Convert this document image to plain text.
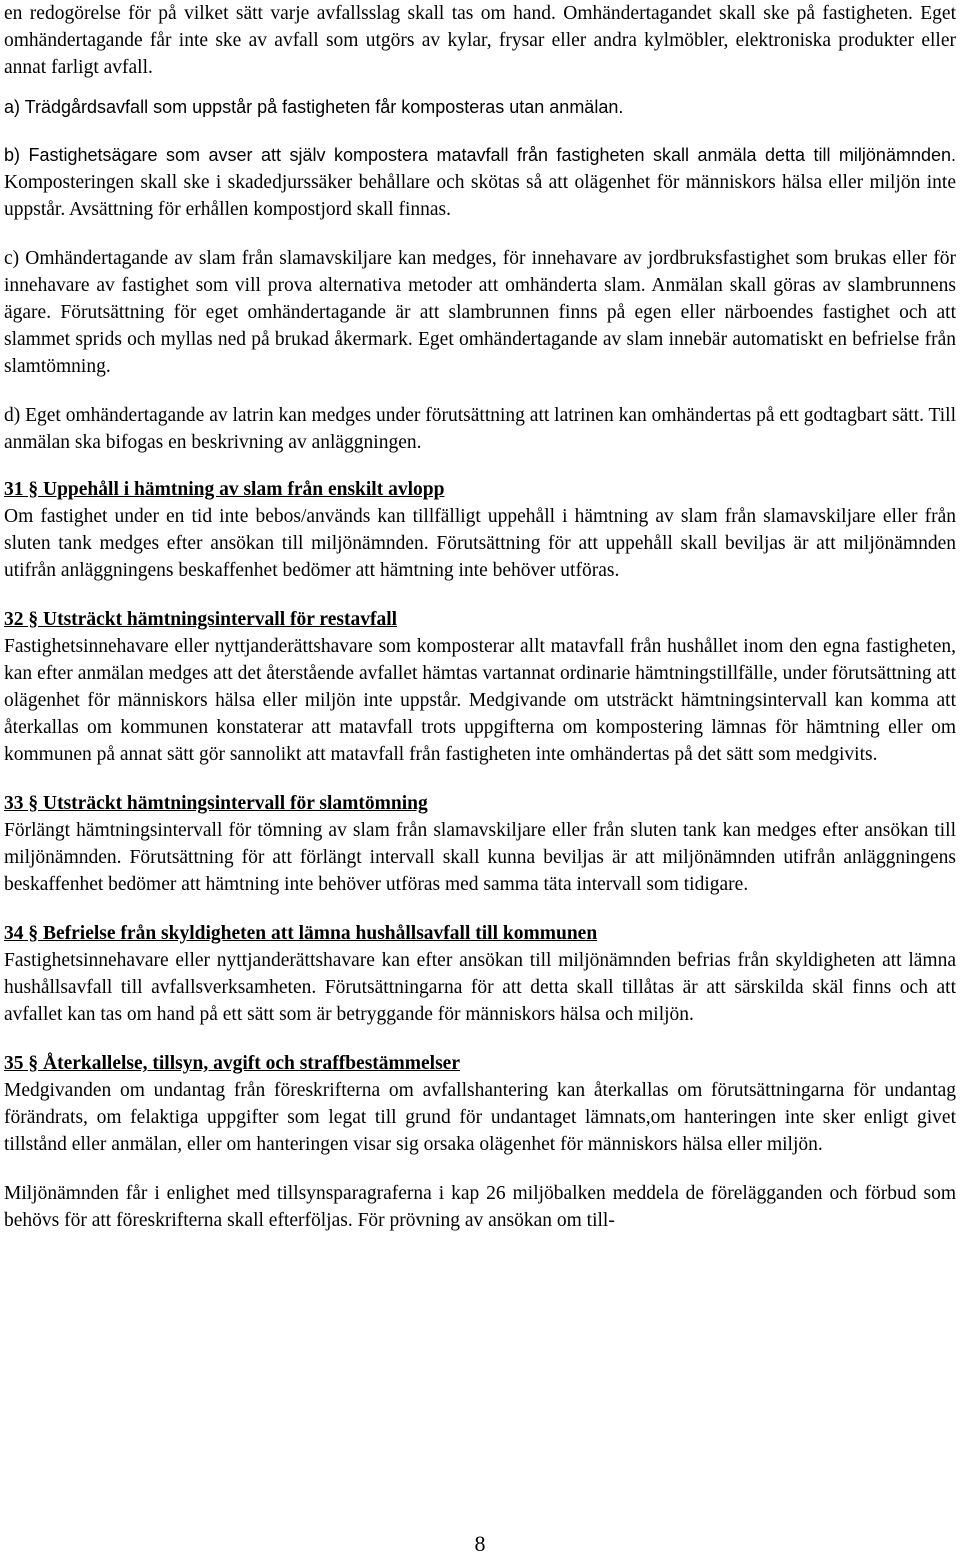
en redogörelse för på vilket sätt varje avfallsslag skall tas om hand. Omhändertagandet skall ske på fastigheten. Eget omhändertagande får inte ske av avfall som utgörs av kylar, frysar eller andra kylmöbler, elektroniska produkter eller annat farligt avfall.

a) Trädgårdsavfall som uppstår på fastigheten får komposteras utan anmälan.

b) Fastighetsägare som avser att själv kompostera matavfall från fastigheten skall anmäla detta till miljönämnden. Komposteringen skall ske i skadedjurssäker behållare och skötas så att olägenhet för människors hälsa eller miljön inte uppstår. Avsättning för erhållen kompostjord skall finnas.

c) Omhändertagande av slam från slamavskiljare kan medges, för innehavare av jordbruksfastighet som brukas eller för innehavare av fastighet som vill prova alternativa metoder att omhänderta slam. Anmälan skall göras av slambrunnens ägare. Förutsättning för eget omhändertagande är att slambrunnen finns på egen eller närboendes fastighet och att slammet sprids och myllas ned på brukad åkermark. Eget omhändertagande av slam innebär automatiskt en befrielse från slamtömning.

d) Eget omhändertagande av latrin kan medges under förutsättning att latrinen kan omhändertas på ett godtagbart sätt. Till anmälan ska bifogas en beskrivning av anläggningen.

31 § Uppehåll i hämtning av slam från enskilt avlopp

Om fastighet under en tid inte bebos/används kan tillfälligt uppehåll i hämtning av slam från slamavskiljare eller från sluten tank medges efter ansökan till miljönämnden. Förutsättning för att uppehåll skall beviljas är att miljönämnden utifrån anläggningens beskaffenhet bedömer att hämtning inte behöver utföras.

32 § Utsträckt hämtningsintervall för restavfall

Fastighetsinnehavare eller nyttjanderättshavare som komposterar allt matavfall från hushållet inom den egna fastigheten, kan efter anmälan medges att det återstående avfallet hämtas vartannat ordinarie hämtningstillfälle, under förutsättning att olägenhet för människors hälsa eller miljön inte uppstår. Medgivande om utsträckt hämtningsintervall kan komma att återkallas om kommunen konstaterar att matavfall trots uppgifterna om kompostering lämnas för hämtning eller om kommunen på annat sätt gör sannolikt att matavfall från fastigheten inte omhändertas på det sätt som medgivits.

33 § Utsträckt hämtningsintervall för slamtömning

Förlängt hämtningsintervall för tömning av slam från slamavskiljare eller från sluten tank kan medges efter ansökan till miljönämnden. Förutsättning för att förlängt intervall skall kunna beviljas är att miljönämnden utifrån anläggningens beskaffenhet bedömer att hämtning inte behöver utföras med samma täta intervall som tidigare.

34 § Befrielse från skyldigheten att lämna hushållsavfall till kommunen

Fastighetsinnehavare eller nyttjanderättshavare kan efter ansökan till miljönämnden befrias från skyldigheten att lämna hushållsavfall till avfallsverksamheten. Förutsättningarna för att detta skall tillåtas är att särskilda skäl finns och att avfallet kan tas om hand på ett sätt som är betryggande för människors hälsa och miljön.

35 § Återkallelse, tillsyn, avgift och straffbestämmelser

Medgivanden om undantag från föreskrifterna om avfallshantering kan återkallas om förutsättningarna för undantag förändrats, om felaktiga uppgifter som legat till grund för undantaget lämnats,om hanteringen inte sker enligt givet tillstånd eller anmälan, eller om hanteringen visar sig orsaka olägenhet för människors hälsa eller miljön.

Miljönämnden får i enlighet med tillsynsparagraferna i kap 26 miljöbalken meddela de förelägganden och förbud som behövs för att föreskrifterna skall efterföljas. För prövning av ansökan om till-

8
